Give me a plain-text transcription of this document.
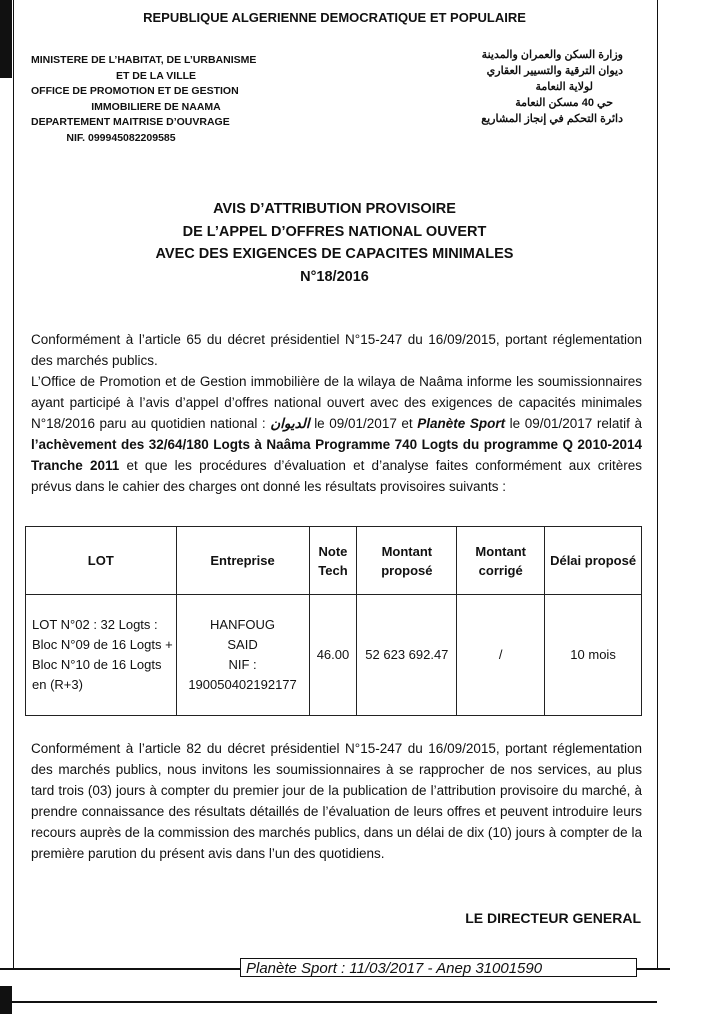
REPUBLIQUE ALGERIENNE DEMOCRATIQUE ET POPULAIRE
MINISTERE DE L’HABITAT, DE L’URBANISME
ET DE LA VILLE
OFFICE DE PROMOTION ET DE GESTION
IMMOBILIERE DE NAAMA
DEPARTEMENT MAITRISE D’OUVRAGE
NIF. 099945082209585
وزارة السكن والعمران والمدينة
ديوان الترقية والتسيير العقاري
لولاية النعامة
حي 40 مسكن النعامة
دائرة التحكم في إنجاز المشاريع
AVIS D’ATTRIBUTION PROVISOIRE
DE L’APPEL D’OFFRES NATIONAL OUVERT
AVEC DES EXIGENCES DE CAPACITES MINIMALES
N°18/2016
Conformément à l’article 65 du décret présidentiel N°15-247 du 16/09/2015, portant réglementation des marchés publics.
L’Office de Promotion et de Gestion immobilière de la wilaya de Naâma informe les soumissionnaires ayant participé à l’avis d’appel d’offres national ouvert avec des exigences de capacités minimales N°18/2016 paru au quotidien national : الديوان le 09/01/2017 et Planète Sport le 09/01/2017 relatif à l’achèvement des 32/64/180 Logts à Naâma Programme 740 Logts du programme Q 2010-2014 Tranche 2011 et que les procédures d’évaluation et d’analyse faites conformément aux critères prévus dans le cahier des charges ont donné les résultats provisoires suivants :
LOT	Entreprise	Note Tech	Montant proposé	Montant corrigé	Délai proposé
LOT N°02 : 32 Logts : Bloc N°09 de 16 Logts + Bloc N°10 de 16 Logts en (R+3)	HANFOUG
SAID
NIF :
190050402192177	46.00	52 623 692.47	/	10 mois
Conformément à l’article 82 du décret présidentiel N°15-247 du 16/09/2015, portant réglementation des marchés publics, nous invitons les soumissionnaires à se rapprocher de nos services, au plus tard trois (03) jours à compter du premier jour de la publication de l’attribution provisoire du marché, à prendre connaissance des résultats détaillés de l’évaluation de leurs offres et peuvent introduire leurs recours auprès de la commission des marchés publics, dans un délai de dix (10) jours à compter de la première parution du présent avis dans l’un des quotidiens.
LE DIRECTEUR GENERAL
Planète Sport : 11/03/2017 - Anep 31001590
